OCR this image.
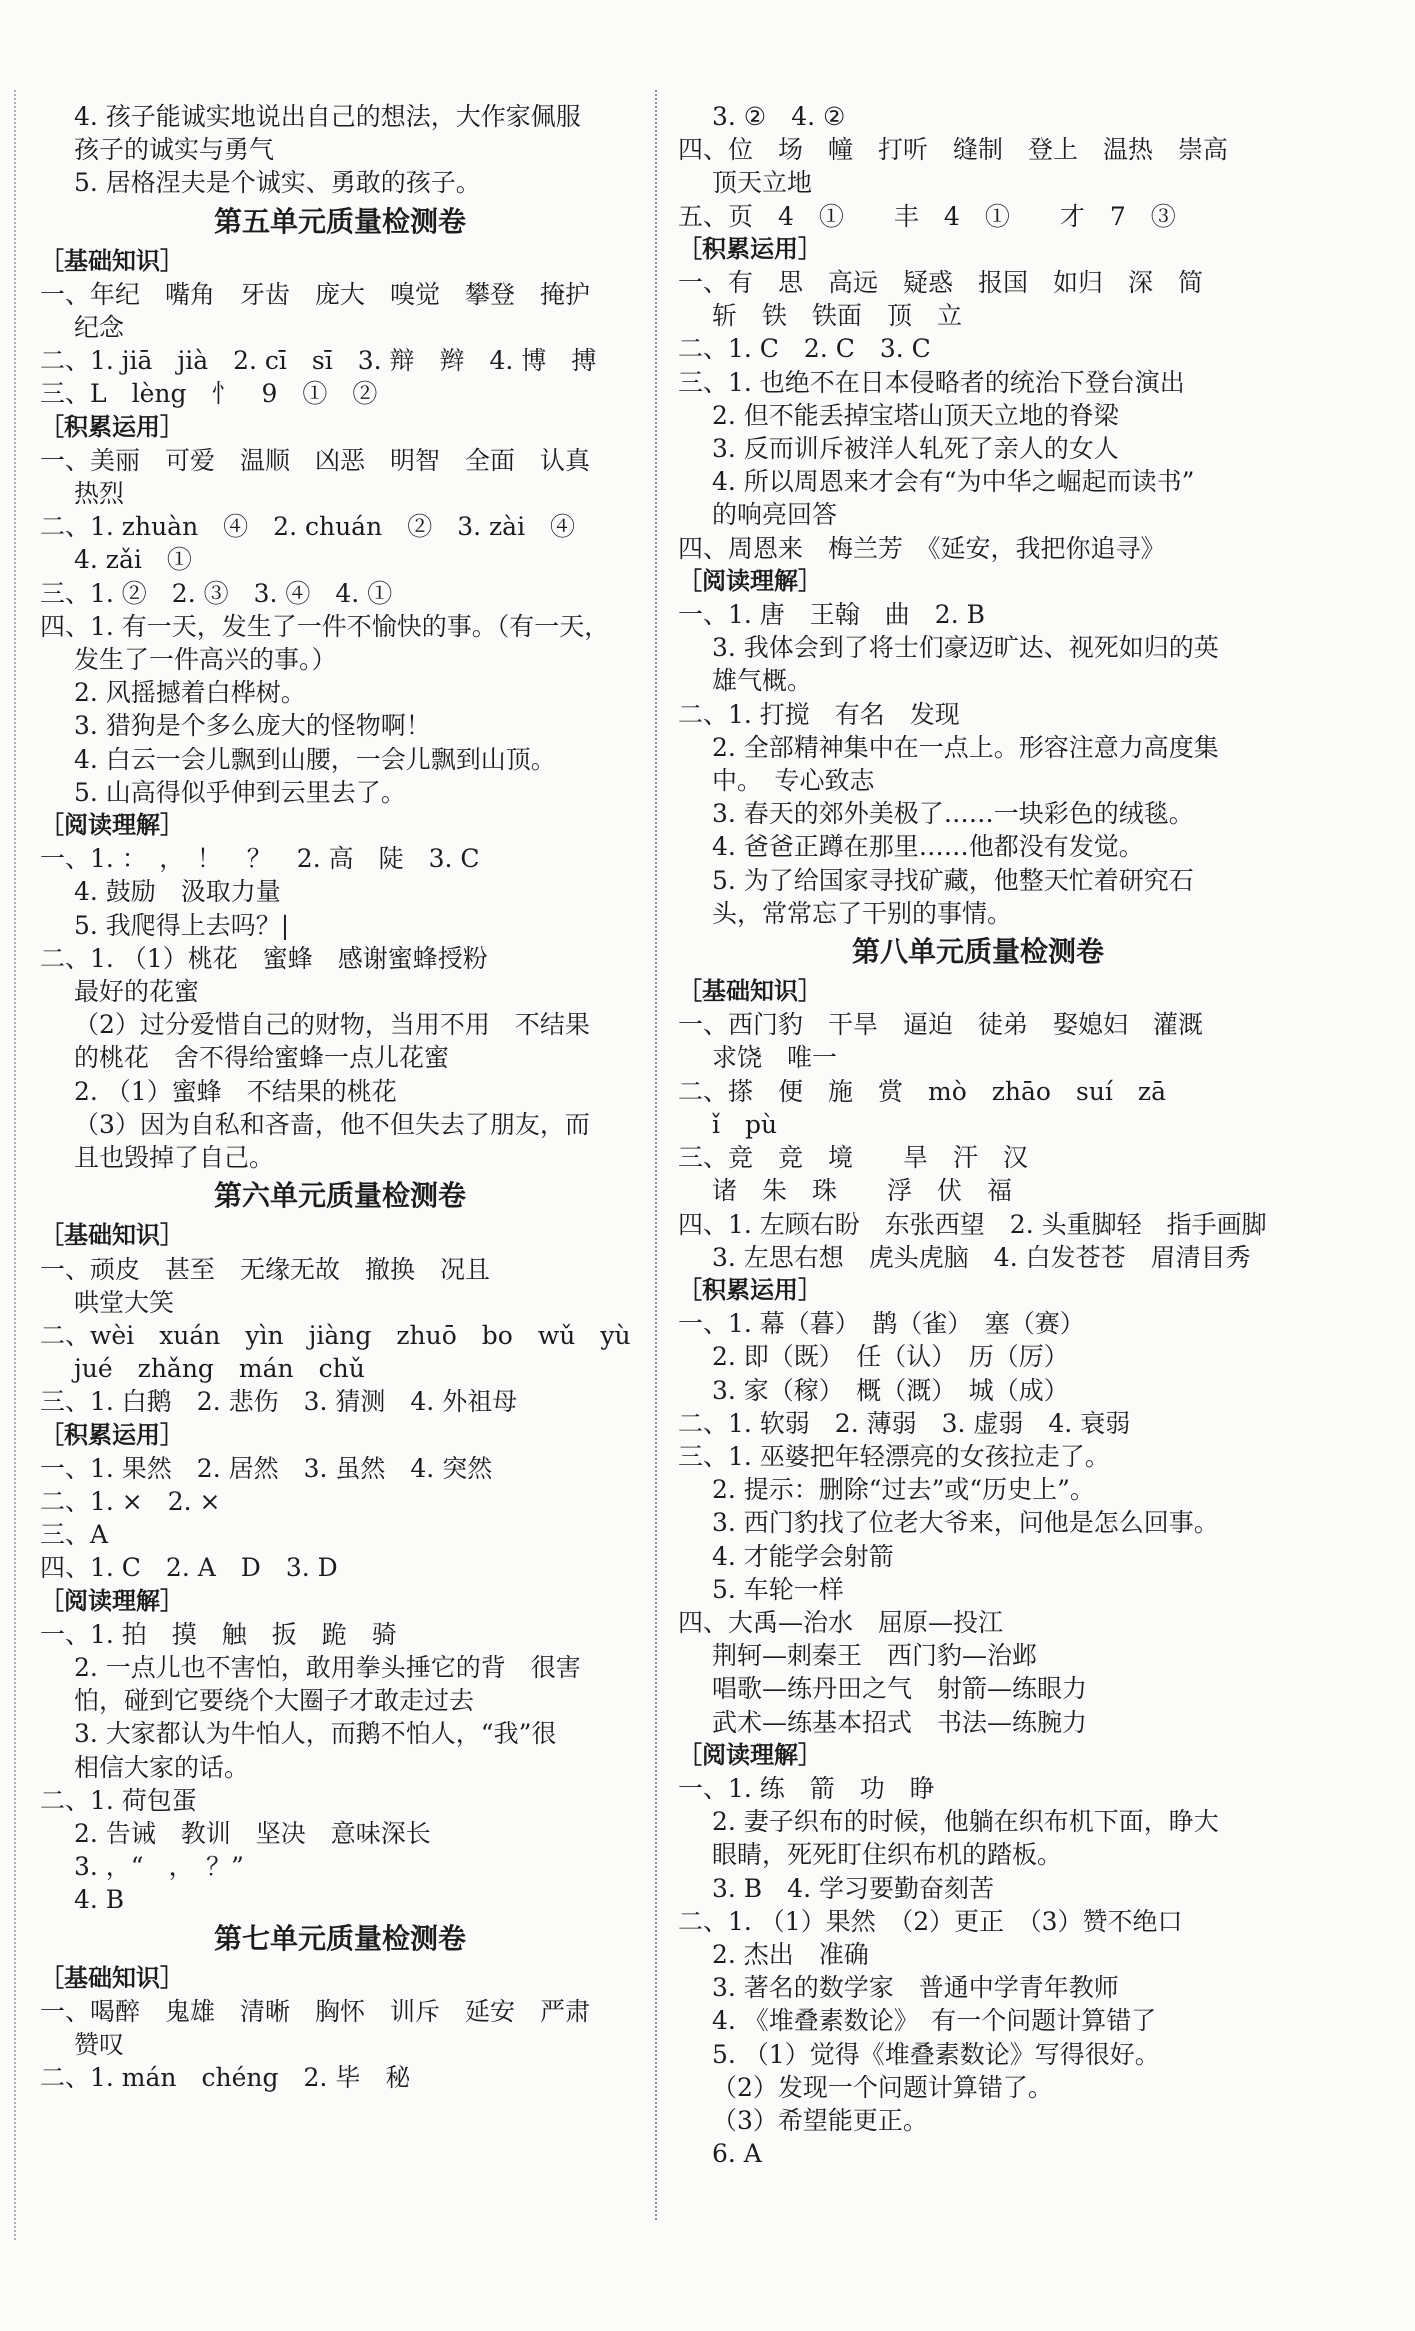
4. 孩子能诚实地说出自己的想法，大作家佩服
孩子的诚实与勇气
5. 居格涅夫是个诚实、勇敢的孩子。
第五单元质量检测卷
［基础知识］
一、年纪　嘴角　牙齿　庞大　嗅觉　攀登　掩护
纪念
二、1. jiā　jià　2. cī　sī　3. 辩　辫　4. 博　搏
三、L　lèng　忄　9　①　②
［积累运用］
一、美丽　可爱　温顺　凶恶　明智　全面　认真
热烈
二、1. zhuàn　④　2. chuán　②　3. zài　④
4. zǎi　①
三、1. ②　2. ③　3. ④　4. ①
四、1. 有一天，发生了一件不愉快的事。（有一天，
发生了一件高兴的事。）
2. 风摇撼着白桦树。
3. 猎狗是个多么庞大的怪物啊！
4. 白云一会儿飘到山腰，一会儿飘到山顶。
5. 山高得似乎伸到云里去了。
［阅读理解］
一、1. ：　，　！　？　2. 高　陡　3. C
4. 鼓励　汲取力量
5. 我爬得上去吗？|
二、1. （1）桃花　蜜蜂　感谢蜜蜂授粉
最好的花蜜
（2）过分爱惜自己的财物，当用不用　不结果
的桃花　舍不得给蜜蜂一点儿花蜜
2. （1）蜜蜂　不结果的桃花
（3）因为自私和吝啬，他不但失去了朋友，而
且也毁掉了自己。
第六单元质量检测卷
［基础知识］
一、顽皮　甚至　无缘无故　撤换　况且
哄堂大笑
二、wèi　xuán　yìn　jiàng　zhuō　bo　wǔ　yù
jué　zhǎng　mán　chǔ
三、1. 白鹅　2. 悲伤　3. 猜测　4. 外祖母
［积累运用］
一、1. 果然　2. 居然　3. 虽然　4. 突然
二、1. ×　2. ×
三、A
四、1. C　2. A　D　3. D
［阅读理解］
一、1. 拍　摸　触　扳　跪　骑
2. 一点儿也不害怕，敢用拳头捶它的背　很害
怕，碰到它要绕个大圈子才敢走过去
3. 大家都认为牛怕人，而鹅不怕人，“我”很
相信大家的话。
二、1. 荷包蛋
2. 告诫　教训　坚决　意味深长
3. ，“　，　？”
4. B
第七单元质量检测卷
［基础知识］
一、喝醉　鬼雄　清晰　胸怀　训斥　延安　严肃
赞叹
二、1. mán　chéng　2. 毕　秘
3. ②　4. ②
四、位　场　幢　打听　缝制　登上　温热　崇高
顶天立地
五、页　4　①　　丰　4　①　　才　7　③
［积累运用］
一、有　思　高远　疑惑　报国　如归　深　简
斩　铁　铁面　顶　立
二、1. C　2. C　3. C
三、1. 也绝不在日本侵略者的统治下登台演出
2. 但不能丢掉宝塔山顶天立地的脊梁
3. 反而训斥被洋人轧死了亲人的女人
4. 所以周恩来才会有“为中华之崛起而读书”
的响亮回答
四、周恩来　梅兰芳　《延安，我把你追寻》
［阅读理解］
一、1. 唐　王翰　曲　2. B
3. 我体会到了将士们豪迈旷达、视死如归的英
雄气概。
二、1. 打搅　有名　发现
2. 全部精神集中在一点上。形容注意力高度集
中。　专心致志
3. 春天的郊外美极了……一块彩色的绒毯。
4. 爸爸正蹲在那里……他都没有发觉。
5. 为了给国家寻找矿藏，他整天忙着研究石
头，常常忘了干别的事情。
第八单元质量检测卷
［基础知识］
一、西门豹　干旱　逼迫　徒弟　娶媳妇　灌溉
求饶　唯一
二、搽　便　施　赏　mò　zhāo　suí　zā
ǐ　pù
三、竞　竞　境　　旱　汗　汉
诸　朱　珠　　浮　伏　福
四、1. 左顾右盼　东张西望　2. 头重脚轻　指手画脚
3. 左思右想　虎头虎脑　4. 白发苍苍　眉清目秀
［积累运用］
一、1. 幕（暮）　鹊（雀）　塞（赛）
2. 即（既）　任（认）　历（厉）
3. 家（稼）　概（溉）　城（成）
二、1. 软弱　2. 薄弱　3. 虚弱　4. 衰弱
三、1. 巫婆把年轻漂亮的女孩拉走了。
2. 提示：删除“过去”或“历史上”。
3. 西门豹找了位老大爷来，问他是怎么回事。
4. 才能学会射箭
5. 车轮一样
四、大禹—治水　屈原—投江
荆轲—刺秦王　西门豹—治邺
唱歌—练丹田之气　射箭—练眼力
武术—练基本招式　书法—练腕力
［阅读理解］
一、1. 练　箭　功　睁
2. 妻子织布的时候，他躺在织布机下面，睁大
眼睛，死死盯住织布机的踏板。
3. B　4. 学习要勤奋刻苦
二、1. （1）果然　（2）更正　（3）赞不绝口
2. 杰出　准确
3. 著名的数学家　普通中学青年教师
4. 《堆叠素数论》　有一个问题计算错了
5. （1）觉得《堆叠素数论》写得很好。
（2）发现一个问题计算错了。
（3）希望能更正。
6. A
